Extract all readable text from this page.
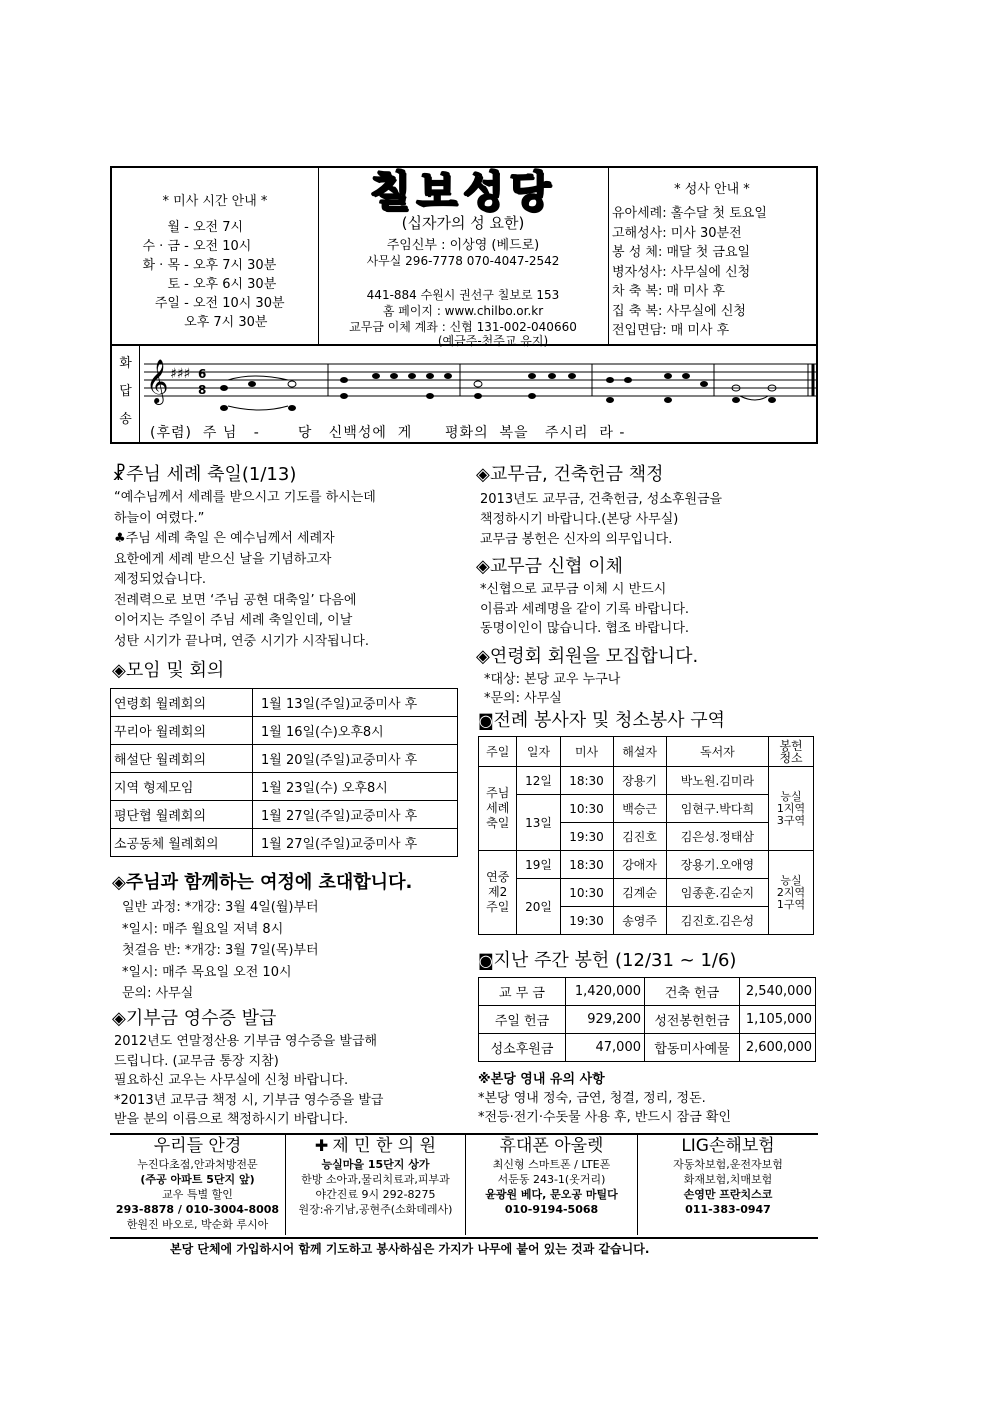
* 미사 시간 안내 *
월 - 오전 7시
수 · 금 - 오전 10시
화 · 목 - 오후 7시 30분
토 - 오후 6시 30분
주일 - 오전 10시 30분
오후 7시 30분
칠보성당
(십자가의 성 요한)
주임신부 : 이상영 (베드로)
사무실 296-7778 070-4047-2542
441-884 수원시 권선구 칠보로 153
홈 페이지 : www.chilbo.or.kr
교무금 이체 계좌 : 신협 131-002-040660
(예금주-천주교 유지)
* 성사 안내 *
유아세례: 홀수달 첫 토요일
고해성사: 미사 30분전
봉 성 체: 매달 첫 금요일
병자성사: 사무실에 신청
차 축 복: 매 미사 후
집 축 복: 사무실에 신청
전입면담: 매 미사 후
화
답
송
𝄞 ♯♯♯ 6
8
(후렴)  주 님   -       당   신백성에  게      평화의  복을   주시리  라 -
☧주님 세례 축일(1/13)
“예수님께서 세례를 받으시고 기도를 하시는데
하늘이 여렸다.”
♣주님 세례 축일 은 예수님께서 세례자
요한에게 세례 받으신 날을 기념하고자
제정되었습니다.
전례력으로 보면 ‘주님 공현 대축일’ 다음에
이어지는 주일이 주님 세례 축일인데, 이날
성탄 시기가 끝나며, 연중 시기가 시작됩니다.
◈모임 및 회의
연령회 월례회의	1월 13일(주일)교중미사 후
꾸리아 월례회의	1월 16일(수)오후8시
해설단 월례회의	1월 20일(주일)교중미사 후
지역 형제모임	1월 23일(수) 오후8시
평단협 월례회의	1월 27일(주일)교중미사 후
소공동체 월례회의	1월 27일(주일)교중미사 후
◈주님과 함께하는 여정에 초대합니다.
일반 과정: *개강: 3월 4일(월)부터
*일시: 매주 월요일 저녁 8시
첫걸음 반: *개강: 3월 7일(목)부터
*일시: 매주 목요일 오전 10시
문의: 사무실
◈기부금 영수증 발급
2012년도 연말정산용 기부금 영수증을 발급해
드립니다. (교무금 통장 지참)
필요하신 교우는 사무실에 신청 바랍니다.
*2013년 교무금 책정 시, 기부금 영수증을 발급
받을 분의 이름으로 책정하시기 바랍니다.
◈교무금, 건축헌금 책정
2013년도 교무금, 건축헌금, 성소후원금을
책정하시기 바랍니다.(본당 사무실)
교무금 봉헌은 신자의 의무입니다.
◈교무금 신협 이체
*신협으로 교무금 이체 시 반드시
이름과 세례명을 같이 기록 바랍니다.
동명이인이 많습니다. 협조 바랍니다.
◈연령회 회원을 모집합니다.
*대상: 본당 교우 누구나
*문의: 사무실
◙전례 봉사자 및 청소봉사 구역
주일	일자	미사	해설자	독서자	봉헌
청소
주님
세례
축일	12일	18:30	장용기	박노원.김미라	능실
1지역
3구역
	13일	10:30	백승근	임현구.박다희	
		19:30	김진호	김은성.정태삼	
연중
제2
주일	19일	18:30	강애자	장용기.오애영	능실
2지역
1구역
	20일	10:30	김계순	임종훈.김순지	
		19:30	송영주	김진호.김은성	
◙지난 주간 봉헌 (12/31 ~ 1/6)
교 무 금	1,420,000	건축 헌금	2,540,000
주일 헌금	929,200	성전봉헌헌금	1,105,000
성소후원금	47,000	합동미사예물	2,600,000
※본당 영내 유의 사항
*본당 영내 정숙, 금연, 청결, 정리, 정돈.
*전등·전기·수돗물 사용 후, 반드시 잠금 확인
우리들 안경
누진다초점,안과처방전문
(주공 아파트 5단지 앞)
교우 특별 할인
293-8878 / 010-3004-8008
한원진 바오로, 박순화 루시아
✚ 제 민 한 의 원
능실마을 15단지 상가
한방 소아과,물리치료과,피부과
야간진료 9시 292-8275
원장:유기남,공현주(소화데레사)
휴대폰 아울렛
최신형 스마트폰 / LTE폰
서둔동 243-1(옷거리)
윤광원 베다, 문오공 마틸다
010-9194-5068
LIG손해보험
자동차보험,운전자보험
화재보험,치매보험
손영만 프란치스코
011-383-0947
본당 단체에 가입하시어 함께 기도하고 봉사하심은 가지가 나무에 붙어 있는 것과 같습니다.
